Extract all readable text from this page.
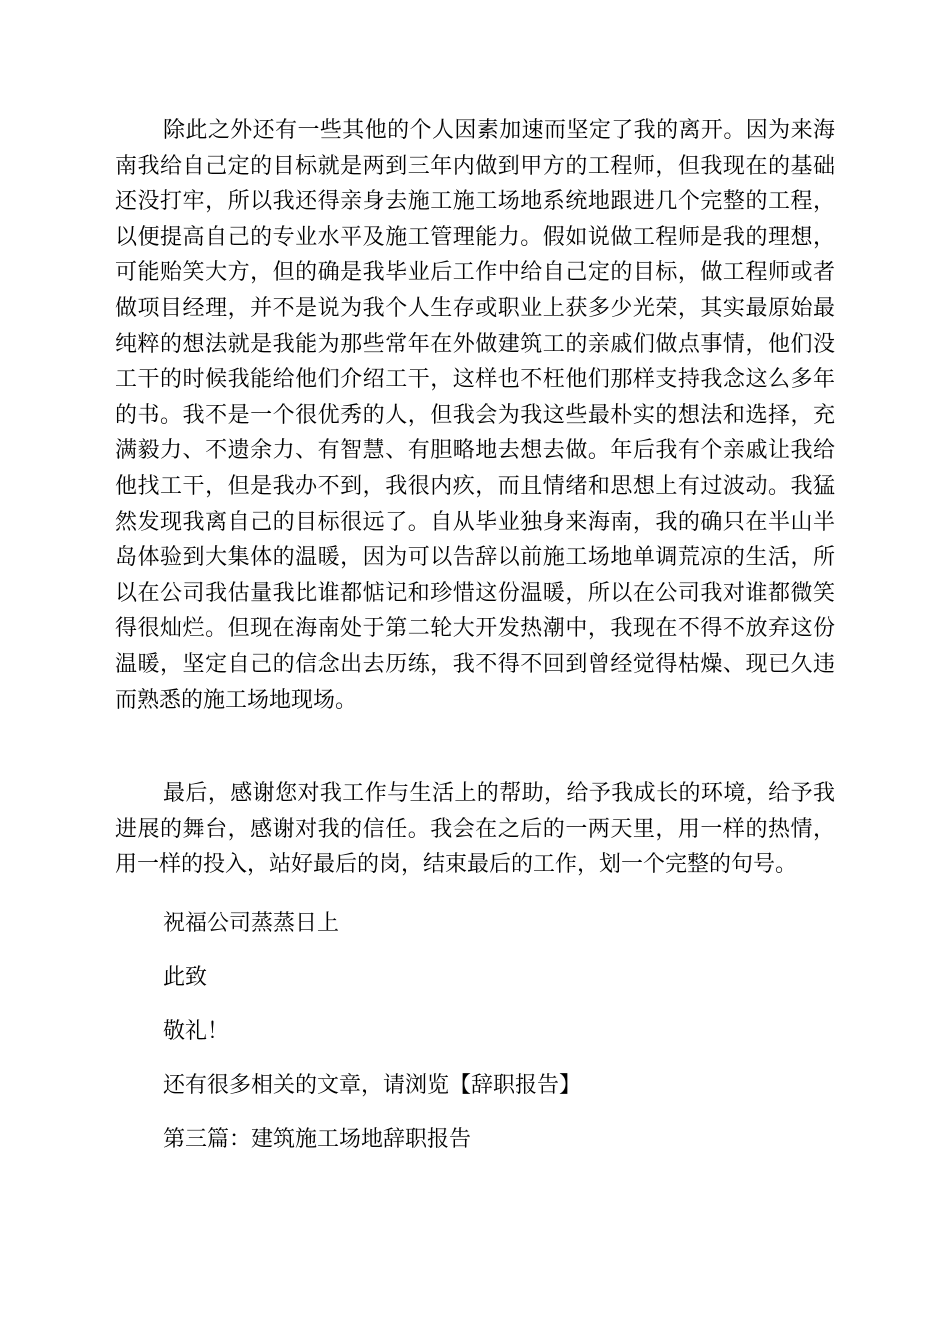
除此之外还有一些其他的个人因素加速而坚定了我的离开。因为来海南我给自己定的目标就是两到三年内做到甲方的工程师，但我现在的基础还没打牢，所以我还得亲身去施工施工场地系统地跟进几个完整的工程，以便提高自己的专业水平及施工管理能力。假如说做工程师是我的理想，可能贻笑大方，但的确是我毕业后工作中给自己定的目标，做工程师或者做项目经理，并不是说为我个人生存或职业上获多少光荣，其实最原始最纯粹的想法就是我能为那些常年在外做建筑工的亲戚们做点事情，他们没工干的时候我能给他们介绍工干，这样也不枉他们那样支持我念这么多年的书。我不是一个很优秀的人，但我会为我这些最朴实的想法和选择，充满毅力、不遗余力、有智慧、有胆略地去想去做。年后我有个亲戚让我给他找工干，但是我办不到，我很内疚，而且情绪和思想上有过波动。我猛然发现我离自己的目标很远了。自从毕业独身来海南，我的确只在半山半岛体验到大集体的温暖，因为可以告辞以前施工场地单调荒凉的生活，所以在公司我估量我比谁都惦记和珍惜这份温暖，所以在公司我对谁都微笑得很灿烂。但现在海南处于第二轮大开发热潮中，我现在不得不放弃这份温暖，坚定自己的信念出去历练，我不得不回到曾经觉得枯燥、现已久违而熟悉的施工场地现场。

最后，感谢您对我工作与生活上的帮助，给予我成长的环境，给予我进展的舞台，感谢对我的信任。我会在之后的一两天里，用一样的热情，用一样的投入，站好最后的岗，结束最后的工作，划一个完整的句号。

祝福公司蒸蒸日上

此致

敬礼！

还有很多相关的文章，请浏览【辞职报告】

第三篇：建筑施工场地辞职报告
